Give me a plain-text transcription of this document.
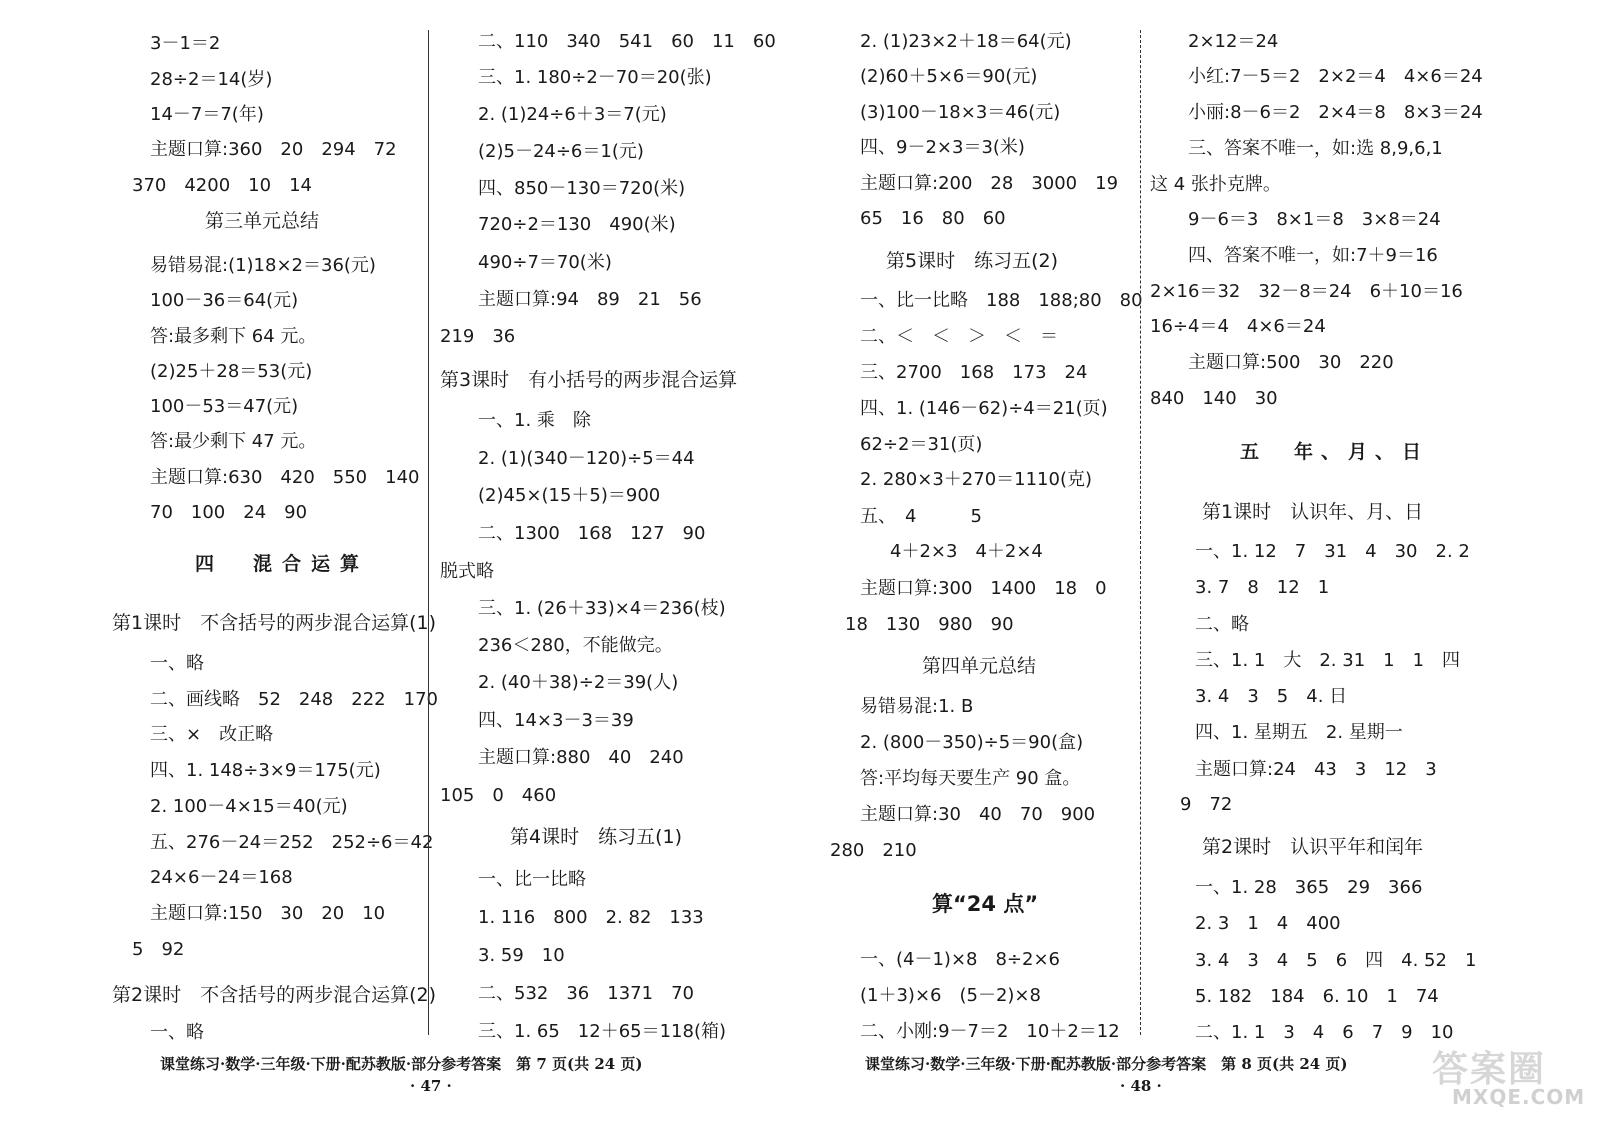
3－1＝2
28÷2＝14(岁)
14－7＝7(年)
主题口算:360　20　294　72
370　4200　10　14
第三单元总结
易错易混:(1)18×2＝36(元)
100－36＝64(元)
答:最多剩下 64 元。
(2)25＋28＝53(元)
100－53＝47(元)
答:最少剩下 47 元。
主题口算:630　420　550　140
70　100　24　90
四　混合运算
第1课时　不含括号的两步混合运算(1)
一、略
二、画线略　52　248　222　170
三、×　改正略
四、1. 148÷3×9＝175(元)
2. 100－4×15＝40(元)
五、276－24＝252　252÷6＝42
24×6－24＝168
主题口算:150　30　20　10
5　92
第2课时　不含括号的两步混合运算(2)
一、略
二、110　340　541　60　11　60
三、1. 180÷2－70＝20(张)
2. (1)24÷6＋3＝7(元)
(2)5－24÷6＝1(元)
四、850－130＝720(米)
720÷2＝130　490(米)
490÷7＝70(米)
主题口算:94　89　21　56
219　36
第3课时　有小括号的两步混合运算
一、1. 乘　除
2. (1)(340－120)÷5＝44
(2)45×(15＋5)＝900
二、1300　168　127　90
脱式略
三、1. (26＋33)×4＝236(枝)
236＜280，不能做完。
2. (40＋38)÷2＝39(人)
四、14×3－3＝39
主题口算:880　40　240
105　0　460
第4课时　练习五(1)
一、比一比略
1. 116　800　2. 82　133
3. 59　10
二、532　36　1371　70
三、1. 65　12＋65＝118(箱)
2. (1)23×2＋18＝64(元)
(2)60＋5×6＝90(元)
(3)100－18×3＝46(元)
四、9－2×3＝3(米)
主题口算:200　28　3000　19
65　16　80　60
第5课时　练习五(2)
一、比一比略　188　188;80　80
二、＜　＜　＞　＜　＝
三、2700　168　173　24
四、1. (146－62)÷4＝21(页)
62÷2＝31(页)
2. 280×3＋270＝1110(克)
五、　4　　　5
4＋2×3　4＋2×4
主题口算:300　1400　18　0
18　130　980　90
第四单元总结
易错易混:1. B
2. (800－350)÷5＝90(盒)
答:平均每天要生产 90 盒。
主题口算:30　40　70　900
280　210
算“24 点”
一、(4－1)×8　8÷2×6
(1＋3)×6　(5－2)×8
二、小刚:9－7＝2　10＋2＝12
2×12＝24
小红:7－5＝2　2×2＝4　4×6＝24
小丽:8－6＝2　2×4＝8　8×3＝24
三、答案不唯一，如:选 8,9,6,1
这 4 张扑克牌。
9－6＝3　8×1＝8　3×8＝24
四、答案不唯一，如:7＋9＝16
2×16＝32　32－8＝24　6＋10＝16
16÷4＝4　4×6＝24
主题口算:500　30　220
840　140　30
五　年、月、日
第1课时　认识年、月、日
一、1. 12　7　31　4　30　2. 2
3. 7　8　12　1
二、略
三、1. 1　大　2. 31　1　1　四
3. 4　3　5　4. 日
四、1. 星期五　2. 星期一
主题口算:24　43　3　12　3
9　72
第2课时　认识平年和闰年
一、1. 28　365　29　366
2. 3　1　4　400
3. 4　3　4　5　6　四　4. 52　1
5. 182　184　6. 10　1　74
二、1. 1　3　4　6　7　9　10
课堂练习·数学·三年级·下册·配苏教版·部分参考答案　第 7 页(共 24 页)
· 47 ·
课堂练习·数学·三年级·下册·配苏教版·部分参考答案　第 8 页(共 24 页)
· 48 ·	答案圈
MXQE.COM
